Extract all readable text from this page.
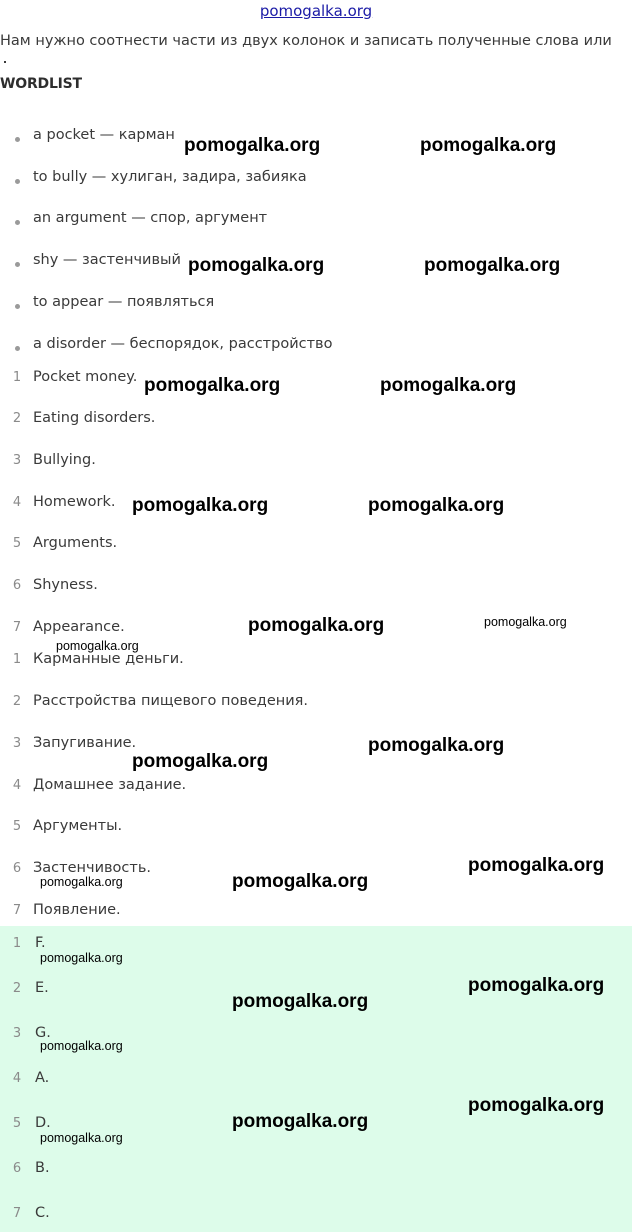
pomogalka.org
Нам нужно соотнести части из двух колонок и записать полученные слова или
WORDLIST
a pocket — карман
to bully — хулиган, задира, забияка
an argument — спор, аргумент
shy — застенчивый
to appear — появляться
a disorder — беспорядок, расстройство
1 Pocket money.
2 Eating disorders.
3 Bullying.
4 Homework.
5 Arguments.
6 Shyness.
7 Appearance.
1 Карманные деньги.
2 Расстройства пищевого поведения.
3 Запугивание.
4 Домашнее задание.
5 Аргументы.
6 Застенчивость.
7 Появление.
1 F.
2 E.
3 G.
4 A.
5 D.
6 B.
7 C.
pomogalka.org	pomogalka.org
pomogalka.org	pomogalka.org
pomogalka.org	pomogalka.org
pomogalka.org	pomogalka.org
pomogalka.org	pomogalka.org
pomogalka.org
pomogalka.org
pomogalka.org
pomogalka.org
pomogalka.org
pomogalka.org
pomogalka.org
pomogalka.org
pomogalka.org
pomogalka.org
pomogalka.org
pomogalka.org
pomogalka.org
